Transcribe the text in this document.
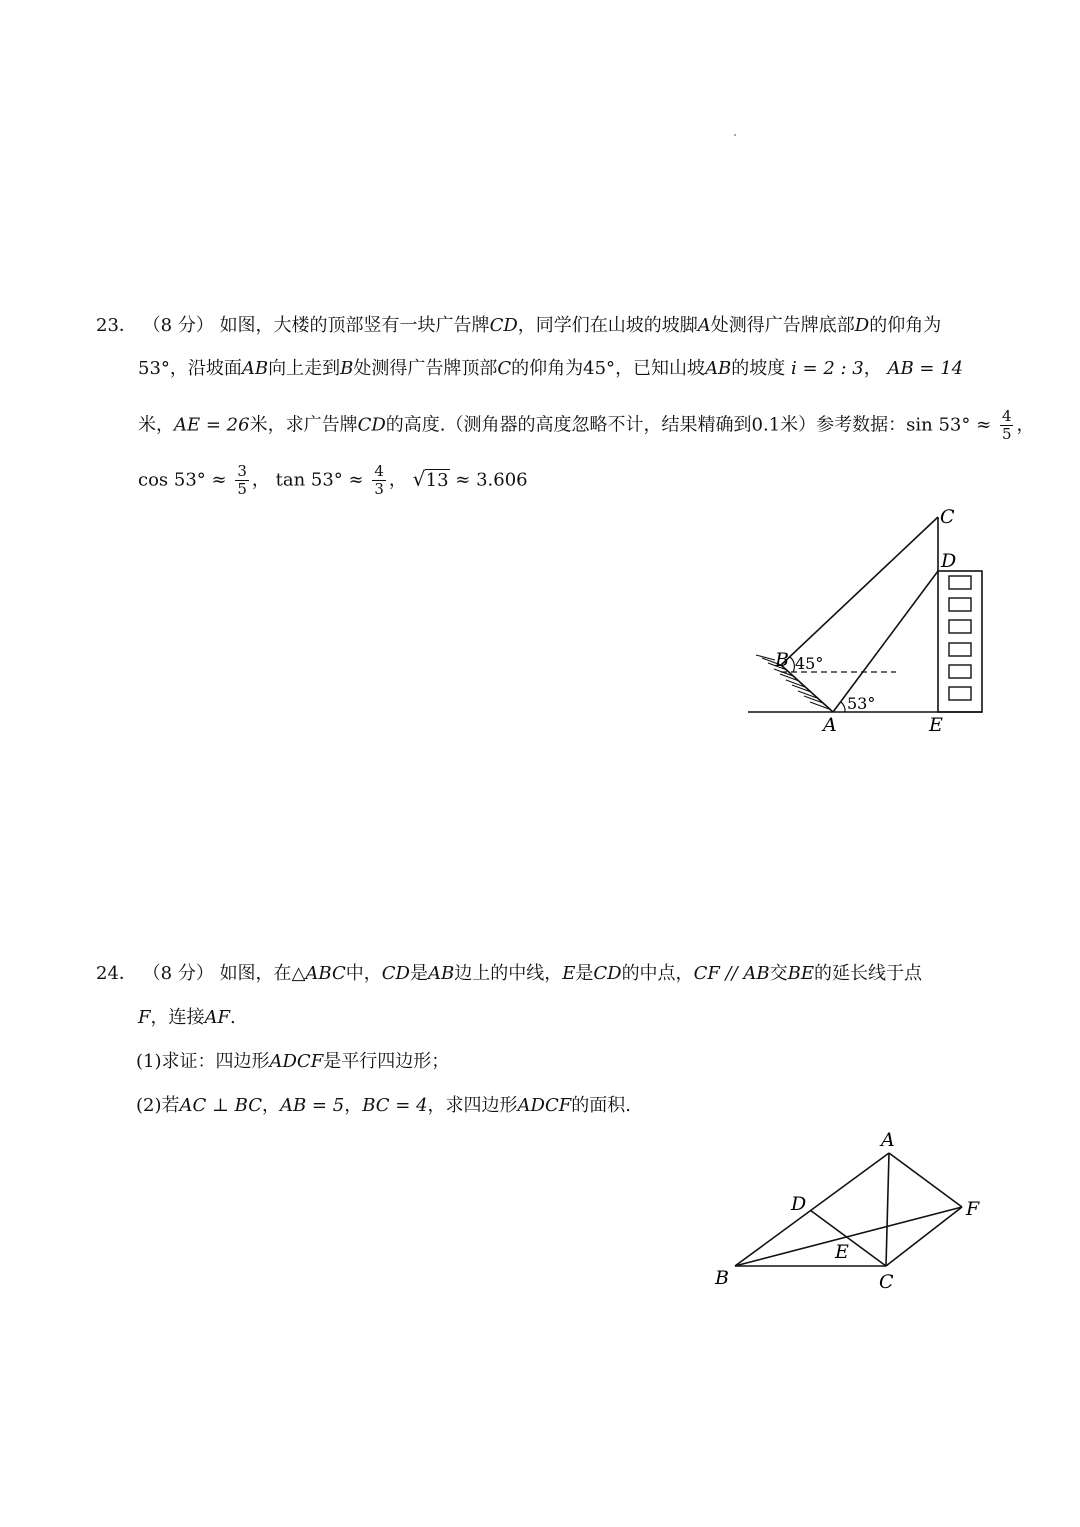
23． （8 分） 如图，大楼的顶部竖有一块广告牌CD，同学们在山坡的坡脚A处测得广告牌底部D的仰角为
53°，沿坡面AB向上走到B处测得广告牌顶部C的仰角为45°，已知山坡AB的坡度 i = 2 : 3， AB = 14
米，AE = 26米，求广告牌CD的高度.（测角器的高度忽略不计，结果精确到0.1米）参考数据：$\sin 53^\circ \approx \frac{4}{5}$ ，
$\cos 53^\circ \approx \frac{3}{5}$ ， $\tan 53^\circ \approx \frac{4}{3}$ ， √ 13 ≈ 3.606
C
D
B 45°
53°
A	E
24． （8 分） 如图，在△ABC中，CD是AB边上的中线，E是CD的中点，CF // AB交BE的延长线于点
F，连接AF.
(1)求证：四边形ADCF是平行四边形；
(2)若AC ⊥ BC，AB = 5，BC = 4，求四边形ADCF的面积.
A
D	F
E
B	C
